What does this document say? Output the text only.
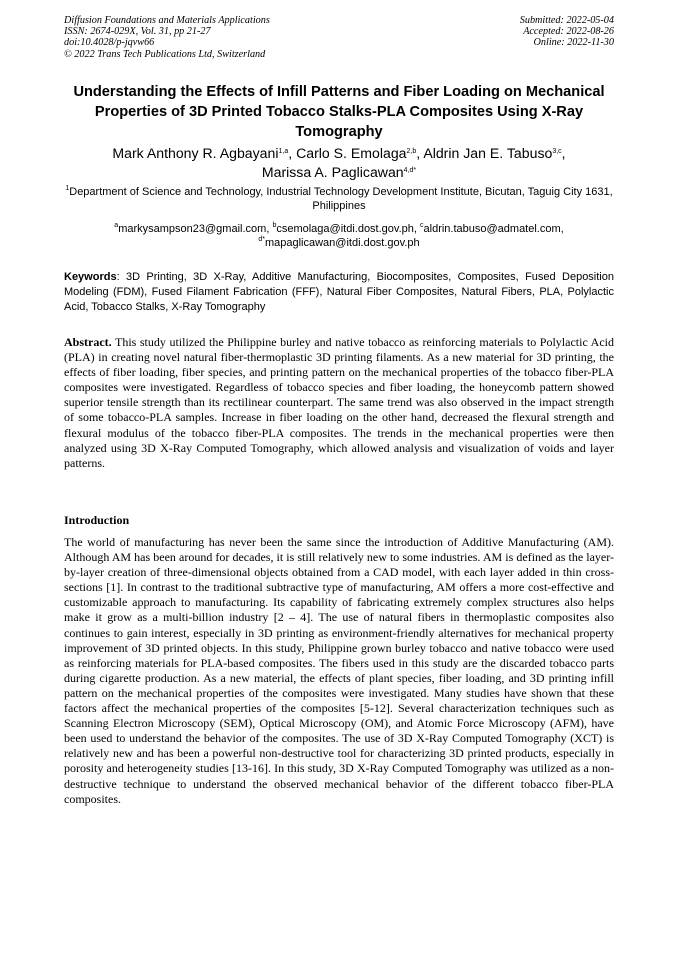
Diffusion Foundations and Materials Applications
ISSN: 2674-029X, Vol. 31, pp 21-27
doi:10.4028/p-jqvw66
© 2022 Trans Tech Publications Ltd, Switzerland
Submitted: 2022-05-04
Accepted: 2022-08-26
Online: 2022-11-30
Understanding the Effects of Infill Patterns and Fiber Loading on Mechanical Properties of 3D Printed Tobacco Stalks-PLA Composites Using X-Ray Tomography
Mark Anthony R. Agbayani$^{1,a}$, Carlo S. Emolaga$^{2,b}$, Aldrin Jan E. Tabuso$^{3,c}$,
Marissa A. Paglicawan$^{4,d*}$
$^1$Department of Science and Technology, Industrial Technology Development Institute, Bicutan, Taguig City 1631, Philippines
$^a$markysampson23@gmail.com, $^b$csemolaga@itdi.dost.gov.ph, $^c$aldrin.tabuso@admatel.com,
$^{d*}$mapaglicawan@itdi.dost.gov.ph
Keywords: 3D Printing, 3D X-Ray, Additive Manufacturing, Biocomposites, Composites, Fused Deposition Modeling (FDM), Fused Filament Fabrication (FFF), Natural Fiber Composites, Natural Fibers, PLA, Polylactic Acid, Tobacco Stalks, X-Ray Tomography
Abstract. This study utilized the Philippine burley and native tobacco as reinforcing materials to Polylactic Acid (PLA) in creating novel natural fiber-thermoplastic 3D printing filaments. As a new material for 3D printing, the effects of fiber loading, fiber species, and printing pattern on the mechanical properties of the tobacco fiber-PLA composites were investigated. Regardless of tobacco species and fiber loading, the honeycomb pattern showed superior tensile strength than its rectilinear counterpart. The same trend was also observed in the impact strength of some tobacco-PLA samples. Increase in fiber loading on the other hand, decreased the flexural strength and flexural modulus of the tobacco fiber-PLA composites. The trends in the mechanical properties were then analyzed using 3D X-Ray Computed Tomography, which allowed analysis and visualization of voids and layer patterns.
Introduction
The world of manufacturing has never been the same since the introduction of Additive Manufacturing (AM). Although AM has been around for decades, it is still relatively new to some industries. AM is defined as the layer-by-layer creation of three-dimensional objects obtained from a CAD model, with each layer added in thin cross-sections [1]. In contrast to the traditional subtractive type of manufacturing, AM offers a more cost-effective and customizable approach to manufacturing. Its capability of fabricating extremely complex structures also helps make it grow as a multi-billion industry [2 – 4]. The use of natural fibers in thermoplastic composites also continues to gain interest, especially in 3D printing as environment-friendly alternatives for mechanical property improvement of 3D printed objects. In this study, Philippine grown burley tobacco and native tobacco were used as reinforcing materials for PLA-based composites. The fibers used in this study are the discarded tobacco parts during cigarette production. As a new material, the effects of plant species, fiber loading, and 3D printing infill pattern on the mechanical properties of the composites were investigated. Many studies have shown that these factors affect the mechanical properties of the composites [5-12]. Several characterization techniques such as Scanning Electron Microscopy (SEM), Optical Microscopy (OM), and Atomic Force Microscopy (AFM), have been used to understand the behavior of the composites. The use of 3D X-Ray Computed Tomography (XCT) is relatively new and has been a powerful non-destructive tool for characterizing 3D printed products, especially in porosity and heterogeneity studies [13-16]. In this study, 3D X-Ray Computed Tomography was utilized as a non-destructive technique to understand the observed mechanical behavior of the different tobacco fiber-PLA composites.
